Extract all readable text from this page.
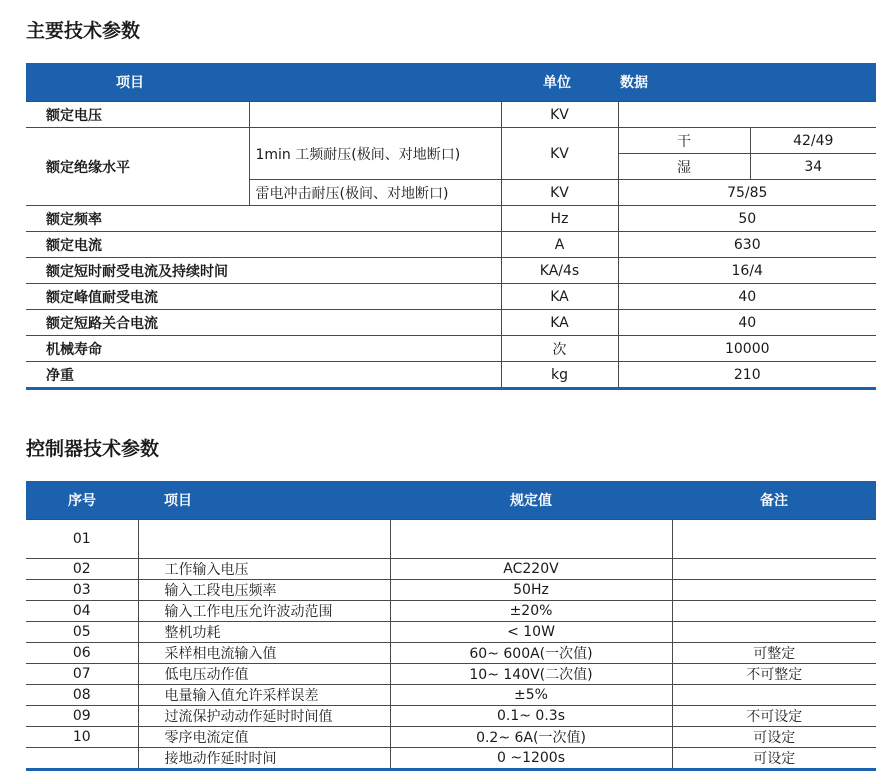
主要技术参数
项目		单位	数据	
额定电压		KV		
额定绝缘水平	1min 工频耐压(极间、对地断口)	KV	干	42/49
			湿	34
	雷电冲击耐压(极间、对地断口)	KV	75/85	
额定频率		Hz	50	
额定电流		A	630	
额定短时耐受电流及持续时间		KA/4s	16/4	
额定峰值耐受电流		KA	40	
额定短路关合电流		KA	40	
机械寿命		次	10000	
净重		kg	210	
控制器技术参数
序号	项目	规定值	备注
01			
02	工作输入电压	AC220V	
03	输入工段电压频率	50Hz	
04	输入工作电压允许波动范围	±20%	
05	整机功耗	< 10W	
06	采样相电流输入值	60~ 600A(一次值)	可整定
07	低电压动作值	10~ 140V(二次值)	不可整定
08	电量输入值允许采样误差	±5%	
09	过流保护动动作延时时间值	0.1~ 0.3s	不可设定
10	零序电流定值	0.2~ 6A(一次值)	可设定
	接地动作延时时间	0 ~1200s	可设定
